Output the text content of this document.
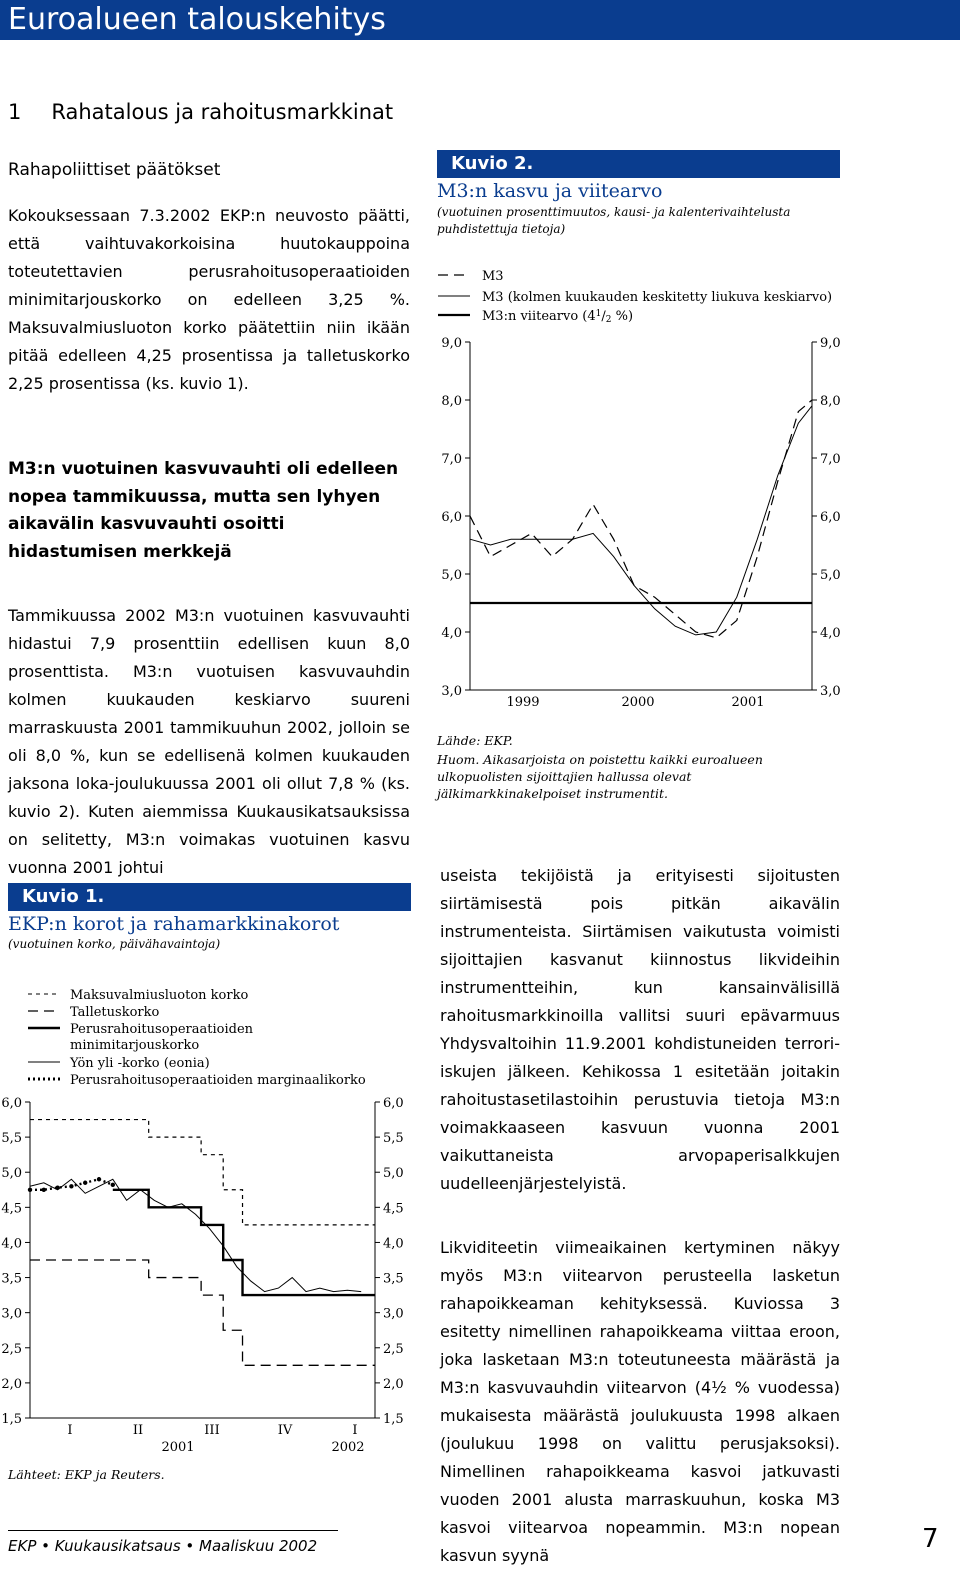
Euroalueen talouskehitys
1 Rahatalous ja rahoitusmarkkinat
Rahapoliittiset päätökset

Kokouksessaan 7.3.2002 EKP:n neuvosto päätti, että vaihtuvakorkoisina huutokauppoina toteutettavien perusrahoitusoperaatioiden minimitarjouskorko on edelleen 3,25 %. Maksuvalmiusluoton korko päätettiin niin ikään pitää edelleen 4,25 prosentissa ja talletuskorko 2,25 prosentissa (ks. kuvio 1).

M3:n vuotuinen kasvuvauhti oli edelleen nopea tammikuussa, mutta sen lyhyen aikavälin kasvuvauhti osoitti hidastumisen merkkejä

Tammikuussa 2002 M3:n vuotuinen kasvuvauhti hidastui 7,9 prosenttiin edellisen kuun 8,0 prosenttista. M3:n vuotuisen kasvuvauhdin kolmen kuukauden keskiarvo suureni marraskuusta 2001 tammikuuhun 2002, jolloin se oli 8,0 %, kun se edellisenä kolmen kuukauden jaksona loka-joulukuussa 2001 oli ollut 7,8 % (ks. kuvio 2). Kuten aiemmissa Kuukausikatsauksissa on selitetty, M3:n voimakas vuotuinen kasvu vuonna 2001 johtui	useista tekijöistä ja erityisesti sijoitusten siirtämisestä pois pitkän aikavälin instrumenteista. Siirtämisen vaikutusta voimisti sijoittajien kasvanut kiinnostus likvideihin instrumentteihin, kun kansainvälisillä rahoitusmarkkinoilla vallitsi suuri epävarmuus Yhdysvaltoihin 11.9.2001 kohdistuneiden terrori-iskujen jälkeen. Kehikossa 1 esitetään joitakin rahoitustasetilastoihin perustuvia tietoja M3:n voimakkaaseen kasvuun vuonna 2001 vaikuttaneista arvopaperisalkkujen uudelleenjärjestelyistä.

Likviditeetin viimeaikainen kertyminen näkyy myös M3:n viitearvon perusteella lasketun rahapoikkeaman kehityksessä. Kuviossa 3 esitetty nimellinen rahapoikkeama viittaa eroon, joka lasketaan M3:n toteutuneesta määrästä ja M3:n kasvuvauhdin viitearvon (4½ % vuodessa) mukaisesta määrästä joulukuusta 1998 alkaen (joulukuu 1998 on valittu perusjaksoksi). Nimellinen rahapoikkeama kasvoi jatkuvasti vuoden 2001 alusta marraskuuhun, koska M3 kasvoi viitearvoa nopeammin. M3:n nopean kasvun syynä

Kuvio 2.
M3:n kasvu ja viitearvo
(vuotuinen prosenttimuutos, kausi- ja kalenterivaihtelusta puhdistettuja tietoja)
M3
M3 (kolmen kuukauden keskitetty liukuva keskiarvo)
M3:n viitearvo ($4^1/2$ %)
9,0	9,0
8,0	8,0
7,0	7,0
6,0	6,0
5,0	5,0
4,0	4,0
3,0	3,0
1999	2000	2001
Lähde: EKP.
Huom. Aikasarjoista on poistettu kaikki euroalueen ulkopuolisten sijoittajien hallussa olevat jälkimarkkinakelpoiset instrumentit.
Kuvio 1.
EKP:n korot ja rahamarkkinakorot
(vuotuinen korko, päivähavaintoja)
Maksuvalmiusluoton korko
Talletuskorko
Perusrahoitusoperaatioiden
minimitarjouskorko
Yön yli -korko (eonia)
Perusrahoitusoperaatioiden marginaalikorko
6,0	6,0
5,5	5,5
5,0	5,0
4,5	4,5
4,0	4,0
3,5	3,5
3,0	3,0
2,5	2,5
2,0	2,0
1,5	1,5
I	II	III	IV	I
2001	2002
Lähteet: EKP ja Reuters.
EKP • Kuukausikatsaus • Maaliskuu 2002	7
